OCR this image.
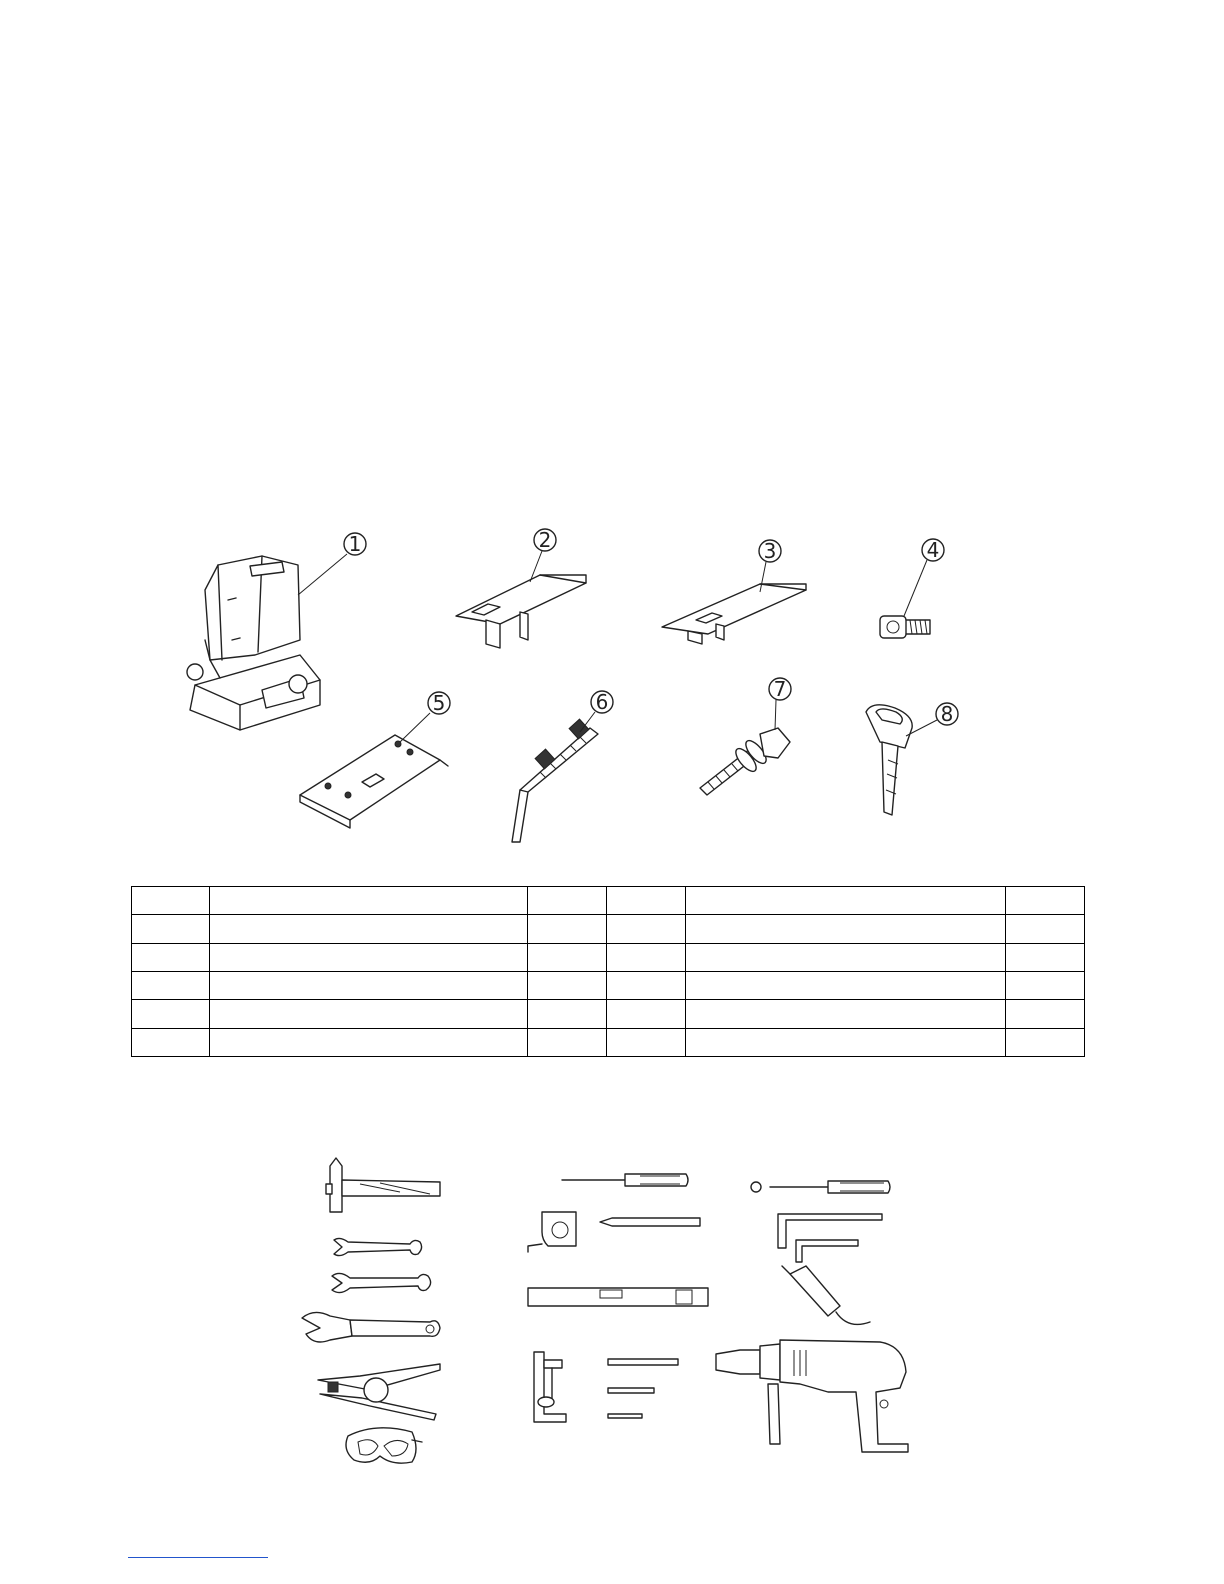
1	2	3	4
5	6
7
8
